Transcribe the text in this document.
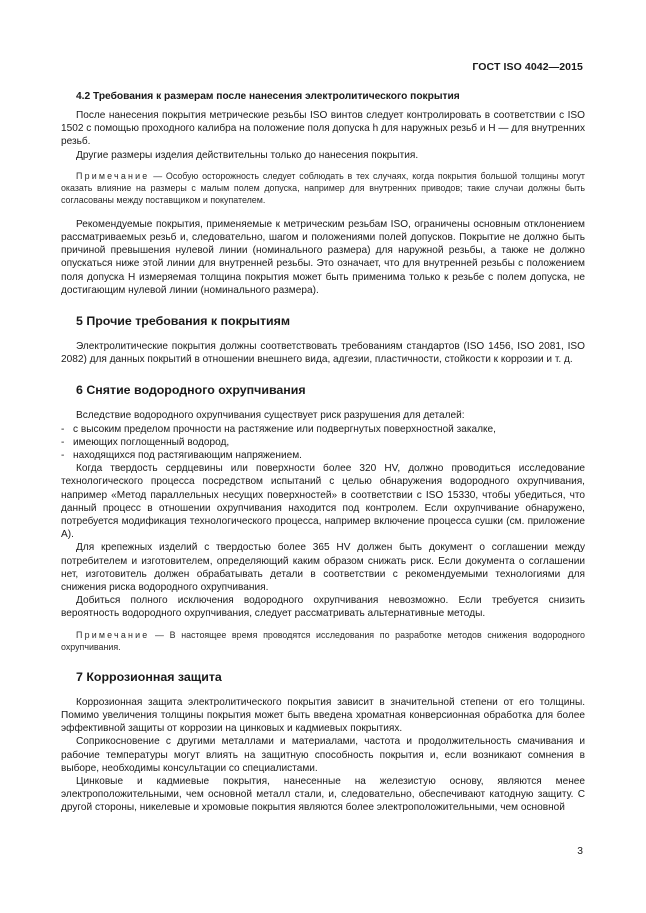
ГОСТ ISO 4042—2015
4.2 Требования к размерам после нанесения электролитического покрытия

После нанесения покрытия метрические резьбы ISO винтов следует контролировать в соответствии с ISO 1502 с помощью проходного калибра на положение поля допуска h для наружных резьб и H — для внутренних резьб.

Другие размеры изделия действительны только до нанесения покрытия.

Примечание — Особую осторожность следует соблюдать в тех случаях, когда покрытия большой толщины могут оказать влияние на размеры с малым полем допуска, например для внутренних приводов; такие случаи должны быть согласованы между поставщиком и покупателем.

Рекомендуемые покрытия, применяемые к метрическим резьбам ISO, ограничены основным отклонением рассматриваемых резьб и, следовательно, шагом и положениями полей допусков. Покрытие не должно быть причиной превышения нулевой линии (номинального размера) для наружной резьбы, а также не должно опускаться ниже этой линии для внутренней резьбы. Это означает, что для внутренней резьбы с положением поля допуска H измеряемая толщина покрытия может быть применима только к резьбе с полем допуска, не достигающим нулевой линии (номинального размера).

5 Прочие требования к покрытиям

Электролитические покрытия должны соответствовать требованиям стандартов (ISO 1456, ISO 2081, ISO 2082) для данных покрытий в отношении внешнего вида, адгезии, пластичности, стойкости к коррозии и т. д.

6 Снятие водородного охрупчивания

Вследствие водородного охрупчивания существует риск разрушения для деталей:

- с высоким пределом прочности на растяжение или подвергнутых поверхностной закалке,
- имеющих поглощенный водород,
- находящихся под растягивающим напряжением.

Когда твердость сердцевины или поверхности более 320 HV, должно проводиться исследование технологического процесса посредством испытаний с целью обнаружения водородного охрупчивания, например «Метод параллельных несущих поверхностей» в соответствии с ISO 15330, чтобы убедиться, что данный процесс в отношении охрупчивания находится под контролем. Если охрупчивание обнаружено, потребуется модификация технологического процесса, например включение процесса сушки (см. приложение А).

Для крепежных изделий с твердостью более 365 HV должен быть документ о соглашении между потребителем и изготовителем, определяющий каким образом снижать риск. Если документа о соглашении нет, изготовитель должен обрабатывать детали в соответствии с рекомендуемыми технологиями для снижения риска водородного охрупчивания.

Добиться полного исключения водородного охрупчивания невозможно. Если требуется снизить вероятность водородного охрупчивания, следует рассматривать альтернативные методы.

Примечание — В настоящее время проводятся исследования по разработке методов снижения водородного охрупчивания.

7 Коррозионная защита

Коррозионная защита электролитического покрытия зависит в значительной степени от его толщины. Помимо увеличения толщины покрытия может быть введена хроматная конверсионная обработка для более эффективной защиты от коррозии на цинковых и кадмиевых покрытиях.

Соприкосновение с другими металлами и материалами, частота и продолжительность смачивания и рабочие температуры могут влиять на защитную способность покрытия и, если возникают сомнения в выборе, необходимы консультации со специалистами.

Цинковые и кадмиевые покрытия, нанесенные на железистую основу, являются менее электроположительными, чем основной металл стали, и, следовательно, обеспечивают катодную защиту. С другой стороны, никелевые и хромовые покрытия являются более электроположительными, чем основной

3
